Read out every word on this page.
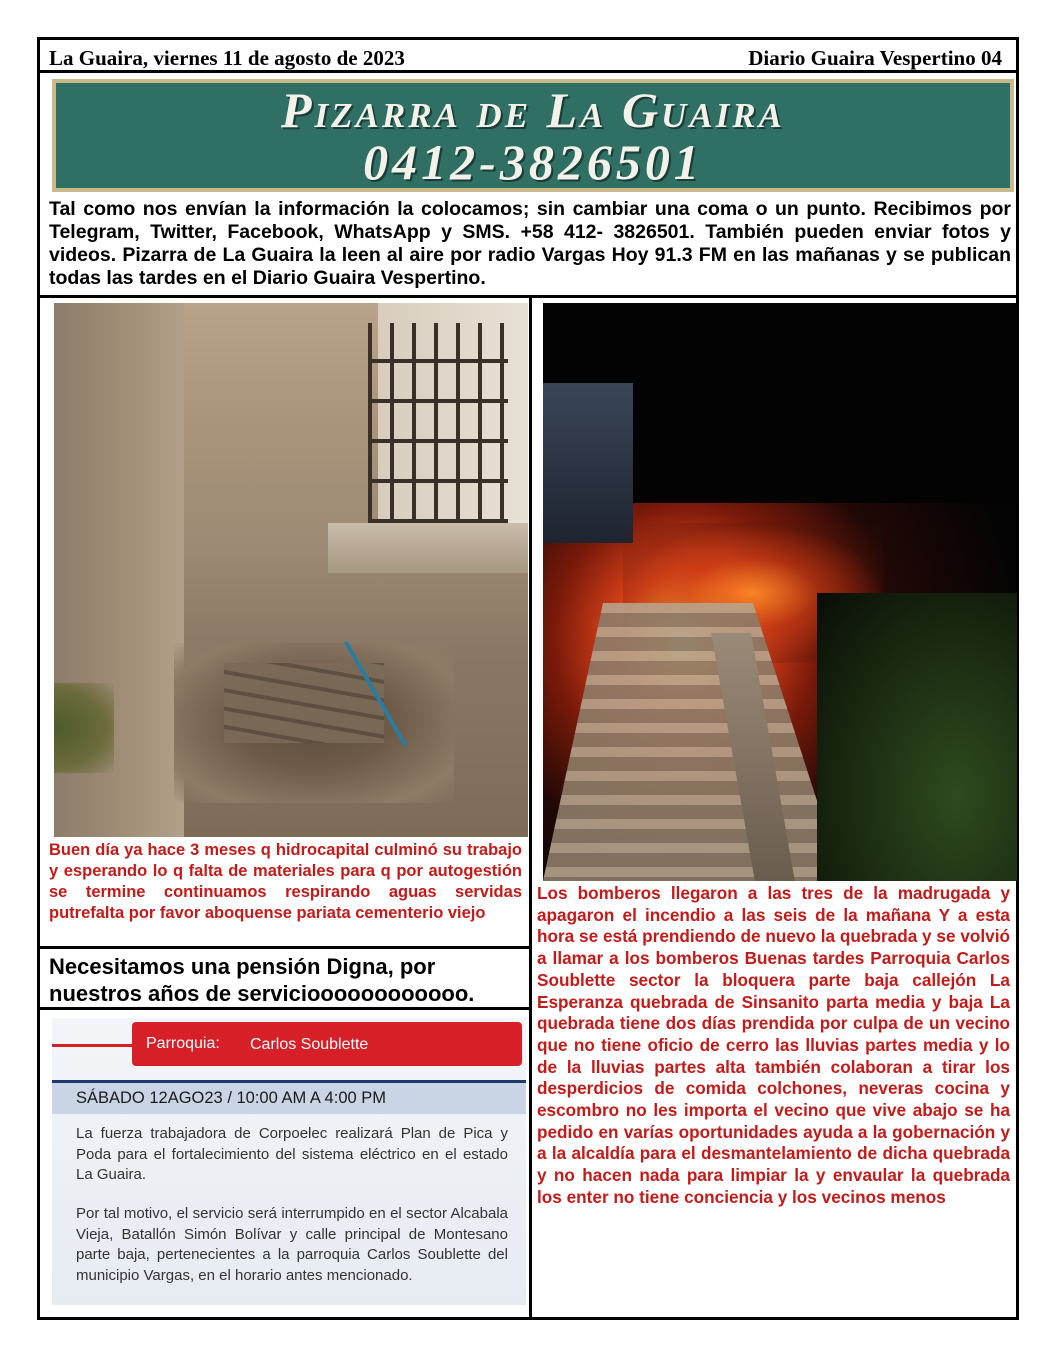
La Guaira, viernes 11 de agosto de 2023	Diario Guaira Vespertino 04
Pizarra de La Guaira
0412-3826501

Tal como nos envían la información la colocamos; sin cambiar una coma o un punto. Recibimos por Telegram, Twitter, Facebook, WhatsApp y SMS. +58 412- 3826501. También pueden enviar fotos y videos. Pizarra de La Guaira la leen al aire por radio Vargas Hoy 91.3 FM en las mañanas y se publican todas las tardes en el Diario Guaira Vespertino.

Buen día ya hace 3 meses q hidrocapital culminó su trabajo y esperando lo q falta de materiales para q por autogestión se termine continuamos respirando aguas servidas putrefalta por favor aboquense pariata cementerio viejo

Necesitamos una pensión Digna, por nuestros años de servicioooooooooooo.

Parroquia: Carlos Soublette
SÁBADO 12AGO23 / 10:00 AM A 4:00 PM

La fuerza trabajadora de Corpoelec realizará Plan de Pica y Poda para el fortalecimiento del sistema eléctrico en el estado La Guaira.

Por tal motivo, el servicio será interrumpido en el sector Alcabala Vieja, Batallón Simón Bolívar y calle principal de Montesano parte baja, pertenecientes a la parroquia Carlos Soublette del municipio Vargas, en el horario antes mencionado.

Los bomberos llegaron a las tres de la madrugada y apagaron el incendio a las seis de la mañana Y a esta hora se está prendiendo de nuevo la quebrada y se volvió a llamar a los bomberos Buenas tardes Parroquia Carlos Soublette sector la bloquera parte baja callejón La Esperanza quebrada de Sinsanito parta media y baja La quebrada tiene dos días prendida por culpa de un vecino que no tiene oficio de cerro las lluvias partes media y lo de la lluvias partes alta también colaboran a tirar los desperdicios de comida colchones, neveras cocina y escombro no les importa el vecino que vive abajo se ha pedido en varías oportunidades ayuda a la gobernación y a la alcaldía para el desmantelamiento de dicha quebrada y no hacen nada para limpiar la y envaular la quebrada los enter no tiene conciencia y los vecinos menos
